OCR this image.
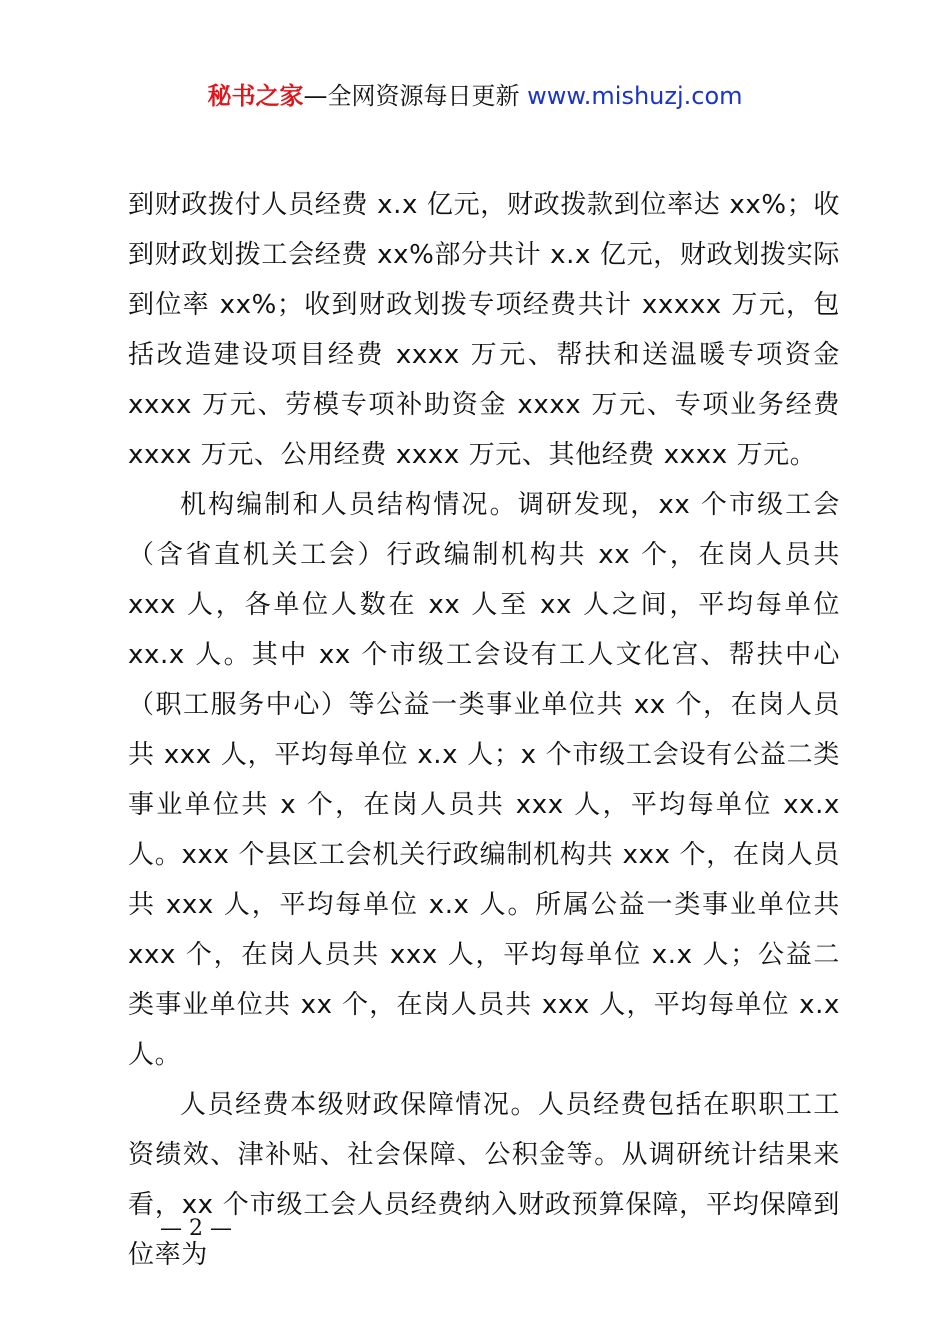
秘书之家—全网资源每日更新 www.mishuzj.com

到财政拨付人员经费 x.x 亿元，财政拨款到位率达 xx%；收到财政划拨工会经费 xx%部分共计 x.x 亿元，财政划拨实际到位率 xx%；收到财政划拨专项经费共计 xxxxx 万元，包括改造建设项目经费 xxxx 万元、帮扶和送温暖专项资金 xxxx 万元、劳模专项补助资金 xxxx 万元、专项业务经费 xxxx 万元、公用经费 xxxx 万元、其他经费 xxxx 万元。

机构编制和人员结构情况。调研发现，xx 个市级工会（含省直机关工会）行政编制机构共 xx 个，在岗人员共 xxx 人，各单位人数在 xx 人至 xx 人之间，平均每单位 xx.x 人。其中 xx 个市级工会设有工人文化宫、帮扶中心（职工服务中心）等公益一类事业单位共 xx 个，在岗人员共 xxx 人，平均每单位 x.x 人；x 个市级工会设有公益二类事业单位共 x 个，在岗人员共 xxx 人，平均每单位 xx.x 人。xxx 个县区工会机关行政编制机构共 xxx 个，在岗人员共 xxx 人，平均每单位 x.x 人。所属公益一类事业单位共 xxx 个，在岗人员共 xxx 人，平均每单位 x.x 人；公益二类事业单位共 xx 个，在岗人员共 xxx 人，平均每单位 x.x 人。

人员经费本级财政保障情况。人员经费包括在职职工工资绩效、津补贴、社会保障、公积金等。从调研统计结果来看，xx 个市级工会人员经费纳入财政预算保障，平均保障到位率为

— 2 —
